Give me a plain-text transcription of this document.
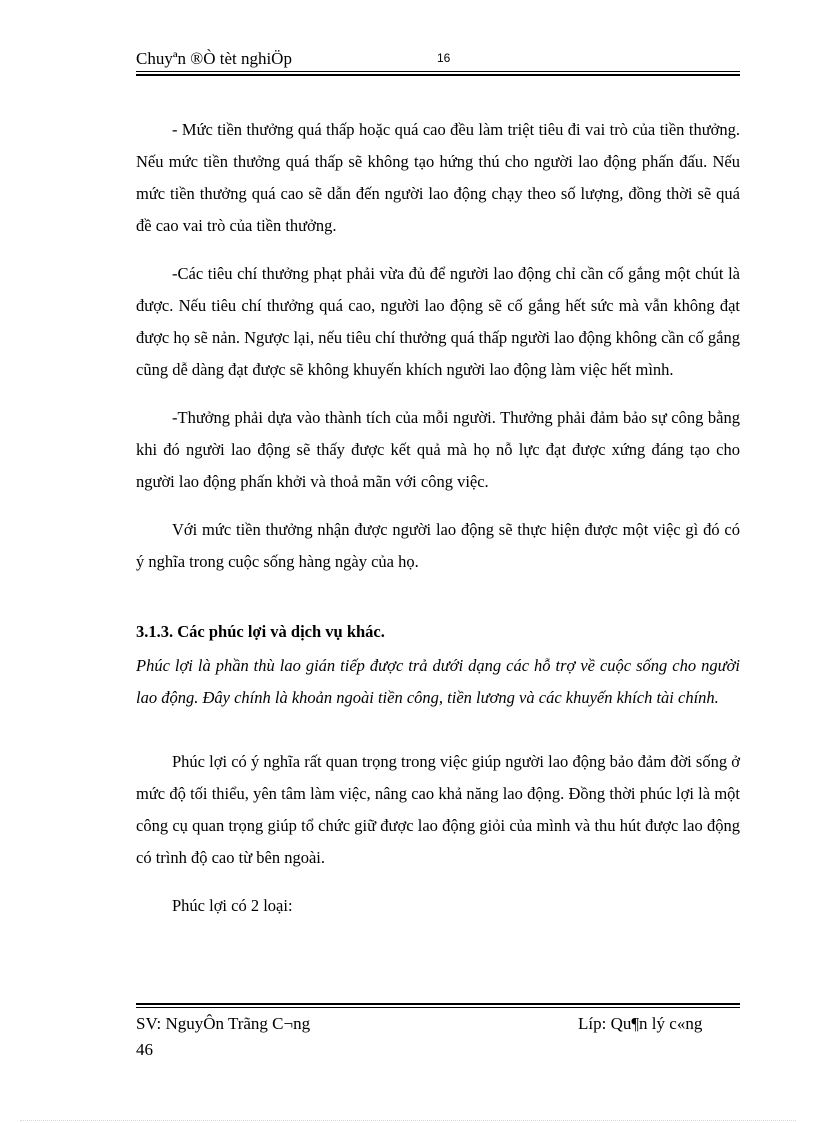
Chuyªn ®Ò tèt nghiÖp	16

- Mức tiền thưởng quá thấp hoặc quá cao đều làm triệt tiêu đi vai trò của tiền thưởng. Nếu mức tiền thưởng quá thấp sẽ không tạo hứng thú cho người lao động phấn đấu. Nếu mức tiền thưởng quá cao sẽ dẫn đến người lao động chạy theo số lượng, đồng thời sẽ quá đề cao vai trò của tiền thưởng.

-Các tiêu chí thưởng phạt phải vừa đủ để người lao động chỉ cần cố gắng một chút là được. Nếu tiêu chí thưởng quá cao, người lao động sẽ cố gắng hết sức mà vẫn không đạt được họ sẽ nản. Ngược lại, nếu tiêu chí thưởng quá thấp người lao động không cần cố gắng cũng dễ dàng đạt được sẽ không khuyến khích người lao động làm việc hết mình.

-Thưởng phải dựa vào thành tích của mỗi người. Thưởng phải đảm bảo sự công bằng khi đó người lao động sẽ thấy được kết quả mà họ nỗ lực đạt được xứng đáng tạo cho người lao động phấn khởi và thoả mãn với công việc.

Với mức tiền thưởng nhận được người lao động sẽ thực hiện được một việc gì đó có ý nghĩa trong cuộc sống hàng ngày của họ.

3.1.3. Các phúc lợi và dịch vụ khác.

Phúc lợi là phần thù lao gián tiếp được trả dưới dạng các hỗ trợ về cuộc sống cho người lao động. Đây chính là khoản ngoài tiền công, tiền lương và các khuyến khích tài chính.

Phúc lợi có ý nghĩa rất quan trọng trong việc giúp người lao động bảo đảm đời sống ở mức độ tối thiểu, yên tâm làm việc, nâng cao khả năng lao động. Đồng thời phúc lợi là một công cụ quan trọng giúp tổ chức giữ được lao động giỏi của mình và thu hút được lao động có trình độ cao từ bên ngoài.

Phúc lợi có 2 loại:

SV: NguyÔn Trãng C¬ng	Líp: Qu¶n lý c«ng
46
